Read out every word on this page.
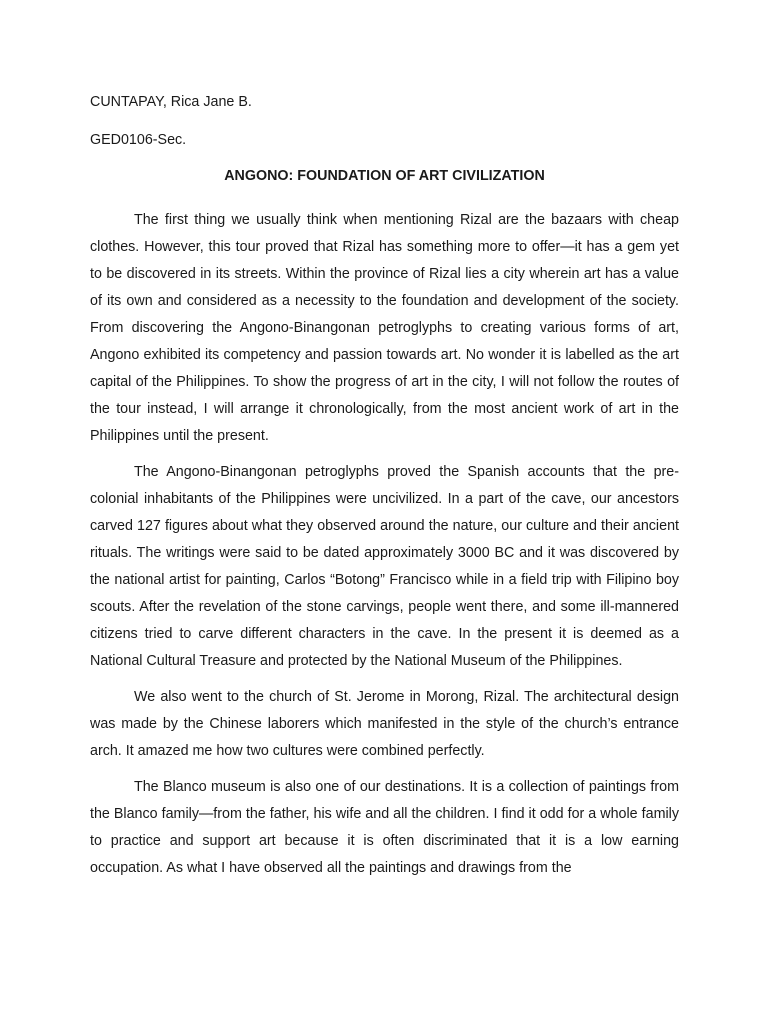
CUNTAPAY, Rica Jane B.
GED0106-Sec.
ANGONO: FOUNDATION OF ART CIVILIZATION

The first thing we usually think when mentioning Rizal are the bazaars with cheap clothes. However, this tour proved that Rizal has something more to offer—it has a gem yet to be discovered in its streets. Within the province of Rizal lies a city wherein art has a value of its own and considered as a necessity to the foundation and development of the society. From discovering the Angono-Binangonan petroglyphs to creating various forms of art, Angono exhibited its competency and passion towards art. No wonder it is labelled as the art capital of the Philippines. To show the progress of art in the city, I will not follow the routes of the tour instead, I will arrange it chronologically, from the most ancient work of art in the Philippines until the present.

The Angono-Binangonan petroglyphs proved the Spanish accounts that the pre-colonial inhabitants of the Philippines were uncivilized. In a part of the cave, our ancestors carved 127 figures about what they observed around the nature, our culture and their ancient rituals. The writings were said to be dated approximately 3000 BC and it was discovered by the national artist for painting, Carlos “Botong” Francisco while in a field trip with Filipino boy scouts. After the revelation of the stone carvings, people went there, and some ill-mannered citizens tried to carve different characters in the cave. In the present it is deemed as a National Cultural Treasure and protected by the National Museum of the Philippines.

We also went to the church of St. Jerome in Morong, Rizal. The architectural design was made by the Chinese laborers which manifested in the style of the church’s entrance arch. It amazed me how two cultures were combined perfectly.

The Blanco museum is also one of our destinations. It is a collection of paintings from the Blanco family—from the father, his wife and all the children. I find it odd for a whole family to practice and support art because it is often discriminated that it is a low earning occupation. As what I have observed all the paintings and drawings from the
